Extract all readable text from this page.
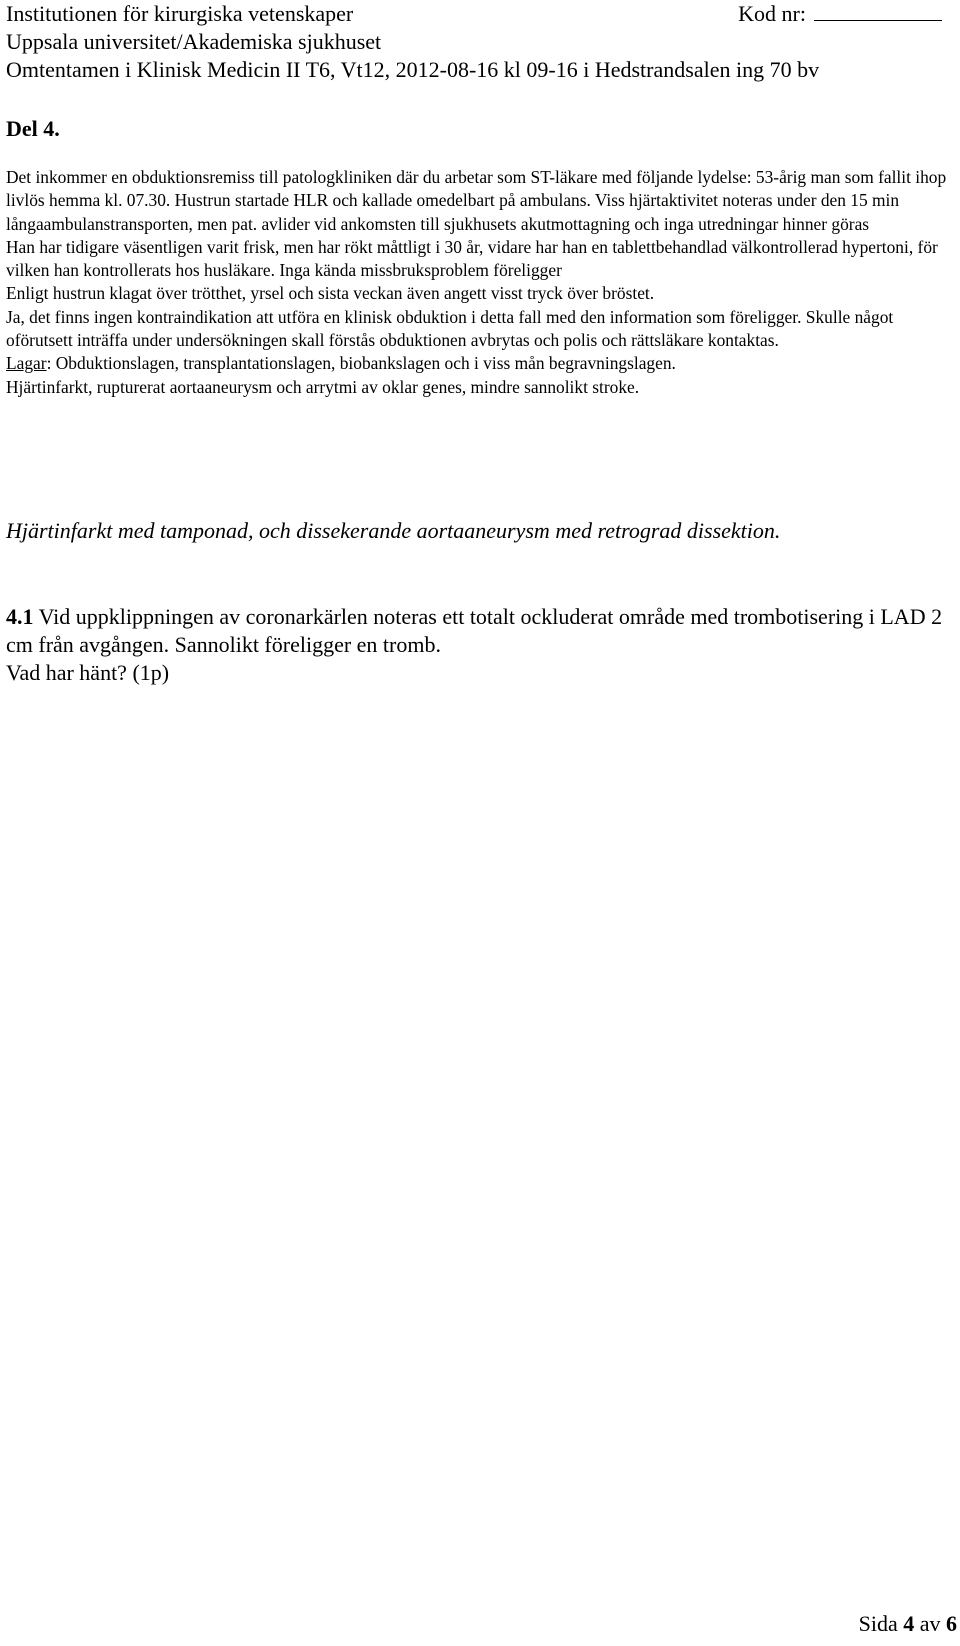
Institutionen för kirurgiska vetenskaper	Kod nr:
Uppsala universitet/Akademiska sjukhuset
Omtentamen i Klinisk Medicin II T6, Vt12, 2012-08-16 kl 09-16 i Hedstrandsalen ing 70 bv
Del 4.

Det inkommer en obduktionsremiss till patologkliniken där du arbetar som ST-läkare med följande lydelse: 53-årig man som fallit ihop livlös hemma kl. 07.30. Hustrun startade HLR och kallade omedelbart på ambulans. Viss hjärtaktivitet noteras under den 15 min långaambulanstransporten, men pat. avlider vid ankomsten till sjukhusets akutmottagning och inga utredningar hinner göras

Han har tidigare väsentligen varit frisk, men har rökt måttligt i 30 år, vidare har han en tablettbehandlad välkontrollerad hypertoni, för vilken han kontrollerats hos husläkare. Inga kända missbruksproblem föreligger

Enligt hustrun klagat över trötthet, yrsel och sista veckan även angett visst tryck över bröstet.

Ja, det finns ingen kontraindikation att utföra en klinisk obduktion i detta fall med den information som föreligger. Skulle något oförutsett inträffa under undersökningen skall förstås obduktionen avbrytas och polis och rättsläkare kontaktas.

Lagar: Obduktionslagen, transplantationslagen, biobankslagen och i viss mån begravningslagen.

Hjärtinfarkt, rupturerat aortaaneurysm och arrytmi av oklar genes, mindre sannolikt stroke.

Hjärtinfarkt med tamponad, och dissekerande aortaaneurysm med retrograd dissektion.

4.1 Vid uppklippningen av coronarkärlen noteras ett totalt ockluderat område med trombotisering i LAD 2 cm från avgången. Sannolikt föreligger en tromb.

Vad har hänt? (1p)

Sida 4 av 6
